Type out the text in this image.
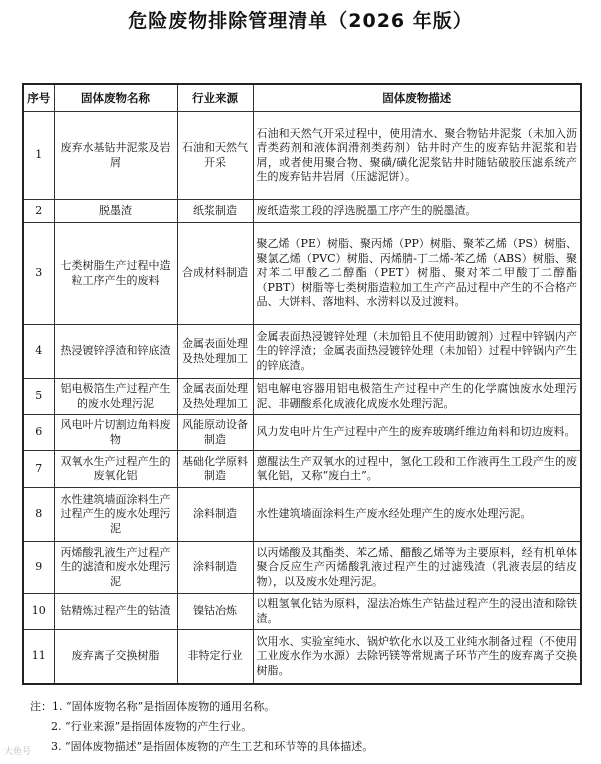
危险废物排除管理清单（2026 年版）
序号	固体废物名称	行业来源	固体废物描述
1	废弃水基钻井泥浆及岩屑	石油和天然气开采	石油和天然气开采过程中，使用清水、聚合物钻井泥浆（未加入沥青类药剂和液体润滑剂类药剂）钻井时产生的废弃钻井泥浆和岩屑，或者使用聚合物、聚磺/磺化泥浆钻井时随钻破胶压滤系统产生的废弃钻井岩屑（压滤泥饼）。
2	脱墨渣	纸浆制造	废纸造浆工段的浮选脱墨工序产生的脱墨渣。
3	七类树脂生产过程中造粒工序产生的废料	合成材料制造	聚乙烯（PE）树脂、聚丙烯（PP）树脂、聚苯乙烯（PS）树脂、聚氯乙烯（PVC）树脂、丙烯腈-丁二烯-苯乙烯（ABS）树脂、聚对苯二甲酸乙二醇酯（PET）树脂、聚对苯二甲酸丁二醇酯（PBT）树脂等七类树脂造粒加工生产产品过程中产生的不合格产品、大饼料、落地料、水涝料以及过渡料。
4	热浸镀锌浮渣和锌底渣	金属表面处理及热处理加工	金属表面热浸镀锌处理（未加铅且不使用助镀剂）过程中锌锅内产生的锌浮渣；金属表面热浸镀锌处理（未加铅）过程中锌锅内产生的锌底渣。
5	铝电极箔生产过程产生的废水处理污泥	金属表面处理及热处理加工	铝电解电容器用铝电极箔生产过程中产生的化学腐蚀废水处理污泥、非硼酸系化成液化成废水处理污泥。
6	风电叶片切割边角料废物	风能原动设备制造	风力发电叶片生产过程中产生的废弃玻璃纤维边角料和切边废料。
7	双氧水生产过程产生的废氧化铝	基础化学原料制造	蒽醌法生产双氧水的过程中，氢化工段和工作液再生工段产生的废氧化铝，又称“废白土”。
8	水性建筑墙面涂料生产过程产生的废水处理污泥	涂料制造	水性建筑墙面涂料生产废水经处理产生的废水处理污泥。
9	丙烯酸乳液生产过程产生的滤渣和废水处理污泥	涂料制造	以丙烯酸及其酯类、苯乙烯、醋酸乙烯等为主要原料，经有机单体聚合反应生产丙烯酸乳液过程产生的过滤残渣（乳液表层的结皮物），以及废水处理污泥。
10	钴精炼过程产生的钴渣	镍钴冶炼	以粗氢氧化钴为原料，湿法冶炼生产钴盐过程产生的浸出渣和除铁渣。
11	废弃离子交换树脂	非特定行业	饮用水、实验室纯水、锅炉软化水以及工业纯水制备过程（不使用工业废水作为水源）去除钙镁等常规离子环节产生的废弃离子交换树脂。
注：1. “固体废物名称”是指固体废物的通用名称。
2. “行业来源”是指固体废物的产生行业。
3. “固体废物描述”是指固体废物的产生工艺和环节等的具体描述。
大鱼号
